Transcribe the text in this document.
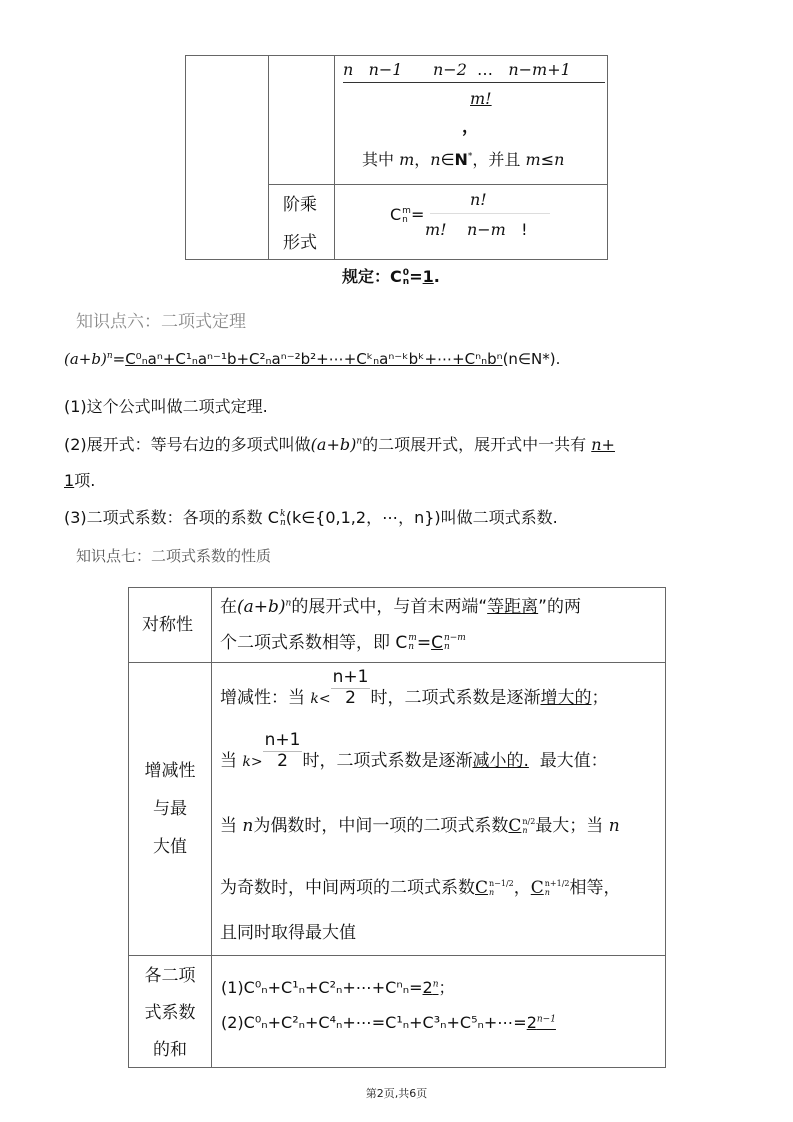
n n−1 n−2 … n−m+1
m!
，
其中 m，n∈N*，并且 m≤n
阶乘
形式
C m
n =
n!
m! n−m !
规定：C 0
n =1.
知识点六：二项式定理
$(a+b)^n=C^0_na^n+C^1_na^{n-1}b+C^2_na^{n-2}b^2+\cdots+Cᵏ_na^{n-}ᵏbᵏ+\cdots+C^n_nb^n(n\in N*)$.
(1)这个公式叫做二项式定理.
(2)展开式：等号右边的多项式叫做$(a+b)^n$的二项展开式，展开式中一共有 n+
1项.
(3)二项式系数：各项的系数 C k
n (k∈{0,1,2，⋯，n})叫做二项式系数.
知识点七：二项式系数的性质
对称性
在$(a+b)^n$的展开式中，与首末两端“等距离”的两
个二项式系数相等，即 C m
n =C n−m
n
增减性
与最
大值
增减性：当 $_{k<} \frac{n+1}{2}$ 时，二项式系数是逐渐增大的；
当 $_{k>} \frac{n+1}{2}$ 时，二项式系数是逐渐减小的. 最大值：
当 n为偶数时，中间一项的二项式系数C n/2
n 最大；当 n
为奇数时，中间两项的二项式系数C n−1/2
n	，C n+1/2
n	相等，
且同时取得最大值
各二项
式系数
的和
$(1)C^0_n+C^1_n+C^2_n+\cdots+C^n_n=2^n$；
$(2)C^0_n+C^2_n+C^4_n+\cdots=C^1_n+C^3_n+C^5_n+\cdots=2^{n-1}$
第2页,共6页
